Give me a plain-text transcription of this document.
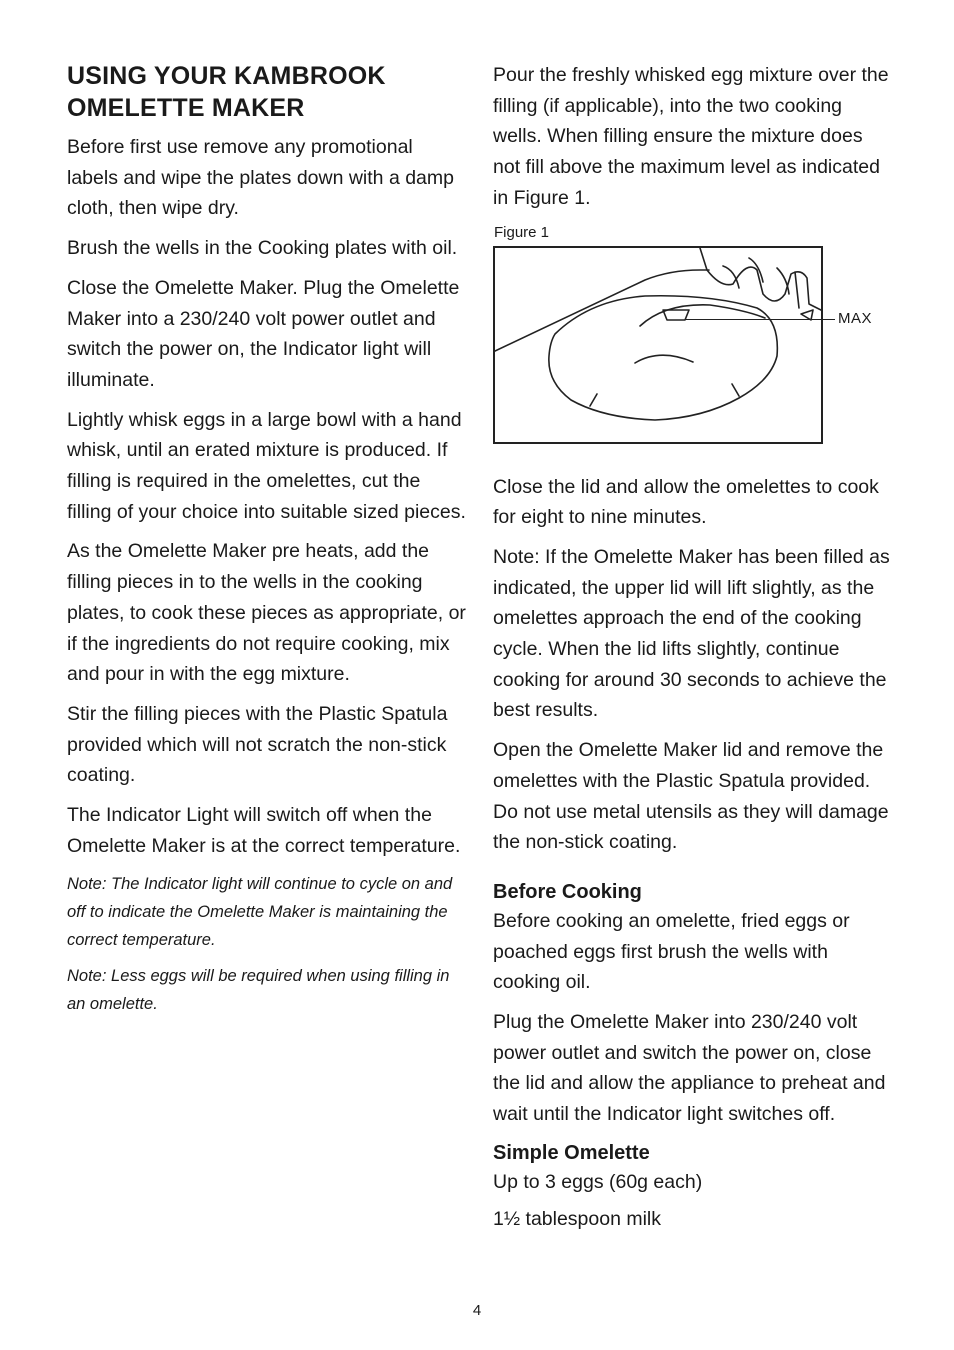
USING YOUR KAMBROOK
OMELETTE MAKER

Before first use remove any promotional labels and wipe the plates down with a damp cloth, then wipe dry.

Brush the wells in the Cooking plates with oil.

Close the Omelette Maker. Plug the Omelette Maker into a 230/240 volt power outlet and switch the power on, the Indicator light will illuminate.

Lightly whisk eggs in a large bowl with a hand whisk, until an erated mixture is produced. If filling is required in the omelettes, cut the filling of your choice into suitable sized pieces.

As the Omelette Maker pre heats, add the filling pieces in to the wells in the cooking plates, to cook these pieces as appropriate, or if the ingredients do not require cooking, mix and pour in with the egg mixture.

Stir the filling pieces with the Plastic Spatula provided which will not scratch the non-stick coating.

The Indicator Light will switch off when the Omelette Maker is at the correct temperature.

Note: The Indicator light will continue to cycle on and off to indicate the Omelette Maker is maintaining the correct temperature.

Note: Less eggs will be required when using filling in an omelette.

Pour the freshly whisked egg mixture over the filling (if applicable), into the two cooking wells. When filling ensure the mixture does not fill above the maximum level as indicated in Figure 1.

Figure 1
MAX

Close the lid and allow the omelettes to cook for eight to nine minutes.

Note: If the Omelette Maker has been filled as indicated, the upper lid will lift slightly, as the omelettes approach the end of the cooking cycle. When the lid lifts slightly, continue cooking for around 30 seconds to achieve the best results.

Open the Omelette Maker lid and remove the omelettes with the Plastic Spatula provided. Do not use metal utensils as they will damage the non-stick coating.

Before Cooking

Before cooking an omelette, fried eggs or poached eggs first brush the wells with cooking oil.

Plug the Omelette Maker into 230/240 volt power outlet and switch the power on, close the lid and allow the appliance to preheat and wait until the Indicator light switches off.

Simple Omelette

Up to 3 eggs (60g each)

1½ tablespoon milk

4
